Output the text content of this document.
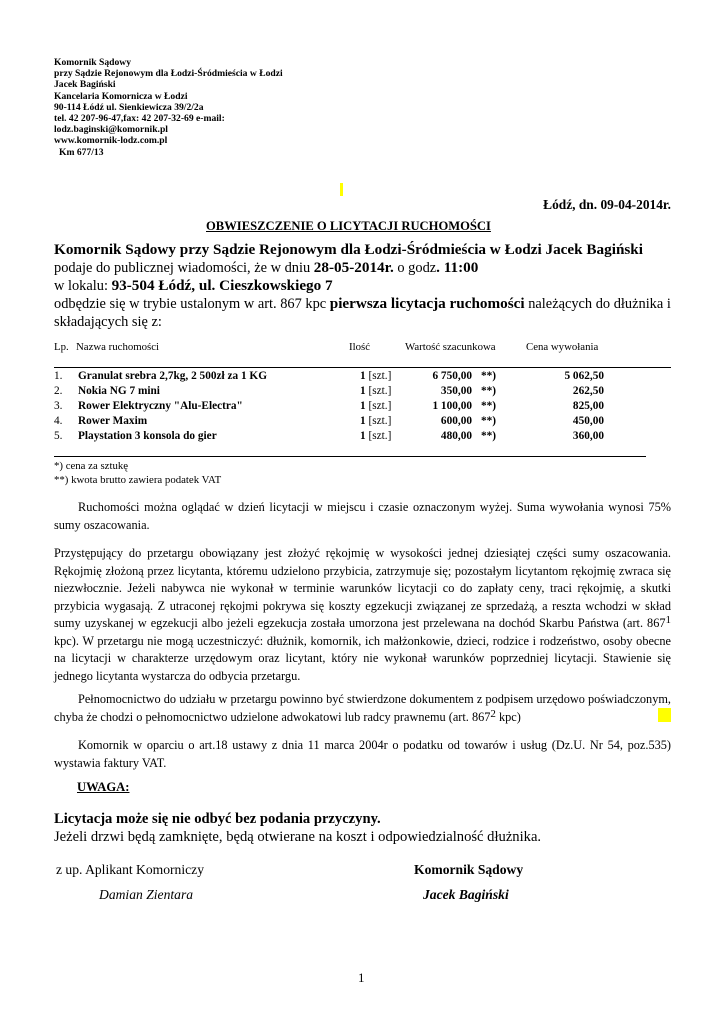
Komornik Sądowy
przy Sądzie Rejonowym dla Łodzi-Śródmieścia w Łodzi
Jacek Bagiński
Kancelaria Komornicza w Łodzi
90-114 Łódź ul. Sienkiewicza 39/2/2a
tel. 42 207-96-47,fax: 42 207-32-69 e-mail:
lodz.baginski@komornik.pl
www.komornik-lodz.com.pl
Km 677/13
Łódź, dn. 09-04-2014r.
OBWIESZCZENIE O LICYTACJI RUCHOMOŚCI
Komornik Sądowy przy Sądzie Rejonowym dla Łodzi-Śródmieścia w Łodzi Jacek Bagiński podaje do publicznej wiadomości, że w dniu 28-05-2014r. o godz. 11:00
w lokalu: 93-504 Łódź, ul. Cieszkowskiego 7
odbędzie się w trybie ustalonym w art. 867 kpc pierwsza licytacja ruchomości należących do dłużnika i składających się z:
Lp. Nazwa ruchomości	Ilość	Wartość szacunkowa	Cena wywołania
1. Granulat srebra 2,7kg, 2 500zł za 1 KG	1 [szt.]	6 750,00 **)	5 062,50
2. Nokia NG 7 mini	1 [szt.]	350,00 **)	262,50
3. Rower Elektryczny "Alu-Electra"	1 [szt.]	1 100,00 **)	825,00
4. Rower Maxim	1 [szt.]	600,00 **)	450,00
5. Playstation 3 konsola do gier	1 [szt.]	480,00 **)	360,00
*) cena za sztukę
**) kwota brutto zawiera podatek VAT
Ruchomości można oglądać w dzień licytacji w miejscu i czasie oznaczonym wyżej. Suma wywołania wynosi 75% sumy oszacowania.
Przystępujący do przetargu obowiązany jest złożyć rękojmię w wysokości jednej dziesiątej części sumy oszacowania. Rękojmię złożoną przez licytanta, któremu udzielono przybicia, zatrzymuje się; pozostałym licytantom rękojmię zwraca się niezwłocznie. Jeżeli nabywca nie wykonał w terminie warunków licytacji co do zapłaty ceny, traci rękojmię, a skutki przybicia wygasają. Z utraconej rękojmi pokrywa się koszty egzekucji związanej ze sprzedażą, a reszta wchodzi w skład sumy uzyskanej w egzekucji albo jeżeli egzekucja została umorzona jest przelewana na dochód Skarbu Państwa (art. $867^1$ kpc). W przetargu nie mogą uczestniczyć: dłużnik, komornik, ich małżonkowie, dzieci, rodzice i rodzeństwo, osoby obecne na licytacji w charakterze urzędowym oraz licytant, który nie wykonał warunków poprzedniej licytacji. Stawienie się jednego licytanta wystarcza do odbycia przetargu.
Pełnomocnictwo do udziału w przetargu powinno być stwierdzone dokumentem z podpisem urzędowo poświadczonym, chyba że chodzi o pełnomocnictwo udzielone adwokatowi lub radcy prawnemu (art. $867^2$ kpc)
Komornik w oparciu o art.18 ustawy z dnia 11 marca 2004r o podatku od towarów i usług (Dz.U. Nr 54, poz.535) wystawia faktury VAT.
UWAGA:
Licytacja może się nie odbyć bez podania przyczyny.
Jeżeli drzwi będą zamknięte, będą otwierane na koszt i odpowiedzialność dłużnika.
z up. Aplikant Komorniczy
Damian Zientara
Komornik Sądowy
Jacek Bagiński
1
